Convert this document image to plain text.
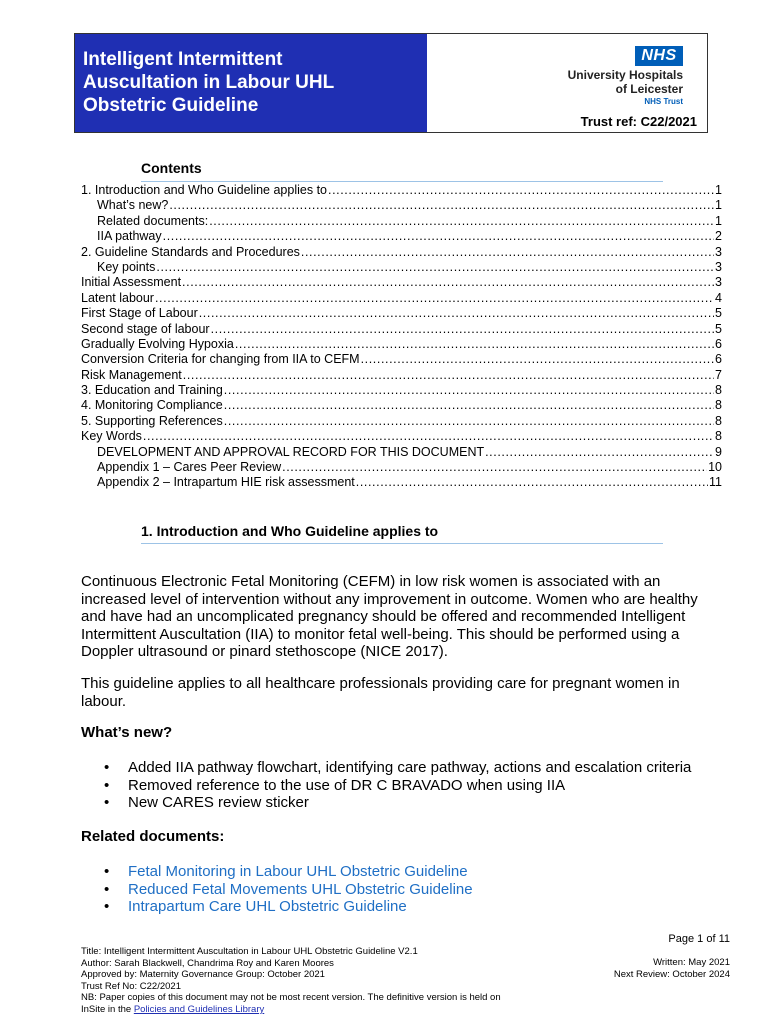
Intelligent Intermittent
Auscultation in Labour UHL
Obstetric Guideline
NHS
University Hospitals
of Leicester
NHS Trust
Trust ref: C22/2021
Contents
1. Introduction and Who Guideline applies to .....	1
What’s new? .....	1
Related documents: .....	1
IIA pathway .....	2
2. Guideline Standards and Procedures .....	3
Key points .....	3
Initial Assessment .....	3
Latent labour .....	4
First Stage of Labour .....	5
Second stage of labour .....	5
Gradually Evolving Hypoxia .....	6
Conversion Criteria for changing from IIA to CEFM .....	6
Risk Management .....	7
3. Education and Training .....	8
4. Monitoring Compliance .....	8
5. Supporting References .....	8
Key Words .....	8
DEVELOPMENT AND APPROVAL RECORD FOR THIS DOCUMENT .....	9
Appendix 1 – Cares Peer Review .....	10
Appendix 2 – Intrapartum HIE risk assessment .....	11
1. Introduction and Who Guideline applies to

Continuous Electronic Fetal Monitoring (CEFM) in low risk women is associated with an increased level of intervention without any improvement in outcome. Women who are healthy and have had an uncomplicated pregnancy should be offered and recommended Intelligent Intermittent Auscultation (IIA) to monitor fetal well-being. This should be performed using a Doppler ultrasound or pinard stethoscope (NICE 2017).

This guideline applies to all healthcare professionals providing care for pregnant women in labour.

What’s new?
• Added IIA pathway flowchart, identifying care pathway, actions and escalation criteria
• Removed reference to the use of DR C BRAVADO when using IIA
• New CARES review sticker
Related documents:
• Fetal Monitoring in Labour UHL Obstetric Guideline
• Reduced Fetal Movements UHL Obstetric Guideline
• Intrapartum Care UHL Obstetric Guideline
Page 1 of 11
Title: Intelligent Intermittent Auscultation in Labour UHL Obstetric Guideline V2.1
Author: Sarah Blackwell, Chandrima Roy and Karen Moores
Approved by: Maternity Governance Group: October 2021
Trust Ref No: C22/2021
NB: Paper copies of this document may not be most recent version. The definitive version is held on
InSite in the Policies and Guidelines Library
Written: May 2021
Next Review: October 2024
